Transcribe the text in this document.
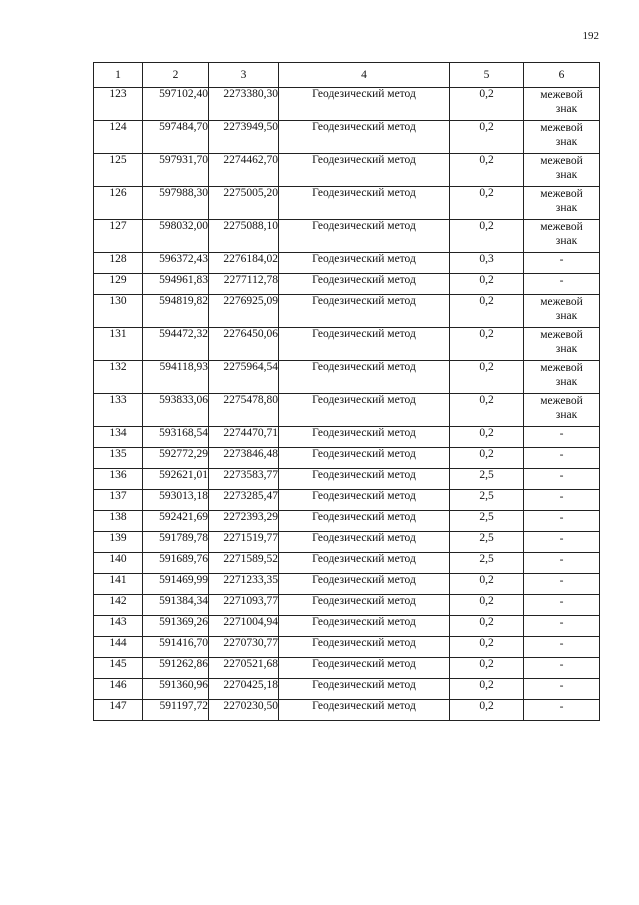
192
1	2	3	4	5	6
123	597102,40	2273380,30	Геодезический метод	0,2	межевой
знак

124	597484,70	2273949,50	Геодезический метод	0,2	межевой
знак

125	597931,70	2274462,70	Геодезический метод	0,2	межевой
знак

126	597988,30	2275005,20	Геодезический метод	0,2	межевой
знак

127	598032,00	2275088,10	Геодезический метод	0,2	межевой
знак

128	596372,43	2276184,02	Геодезический метод	0,3	-

129	594961,83	2277112,78	Геодезический метод	0,2	-

130	594819,82	2276925,09	Геодезический метод	0,2	межевой
знак

131	594472,32	2276450,06	Геодезический метод	0,2	межевой
знак

132	594118,93	2275964,54	Геодезический метод	0,2	межевой
знак

133	593833,06	2275478,80	Геодезический метод	0,2	межевой
знак

134	593168,54	2274470,71	Геодезический метод	0,2	-

135	592772,29	2273846,48	Геодезический метод	0,2	-

136	592621,01	2273583,77	Геодезический метод	2,5	-

137	593013,18	2273285,47	Геодезический метод	2,5	-

138	592421,69	2272393,29	Геодезический метод	2,5	-

139	591789,78	2271519,77	Геодезический метод	2,5	-

140	591689,76	2271589,52	Геодезический метод	2,5	-

141	591469,99	2271233,35	Геодезический метод	0,2	-

142	591384,34	2271093,77	Геодезический метод	0,2	-

143	591369,26	2271004,94	Геодезический метод	0,2	-

144	591416,70	2270730,77	Геодезический метод	0,2	-

145	591262,86	2270521,68	Геодезический метод	0,2	-

146	591360,96	2270425,18	Геодезический метод	0,2	-

147	591197,72	2270230,50	Геодезический метод	0,2	-
